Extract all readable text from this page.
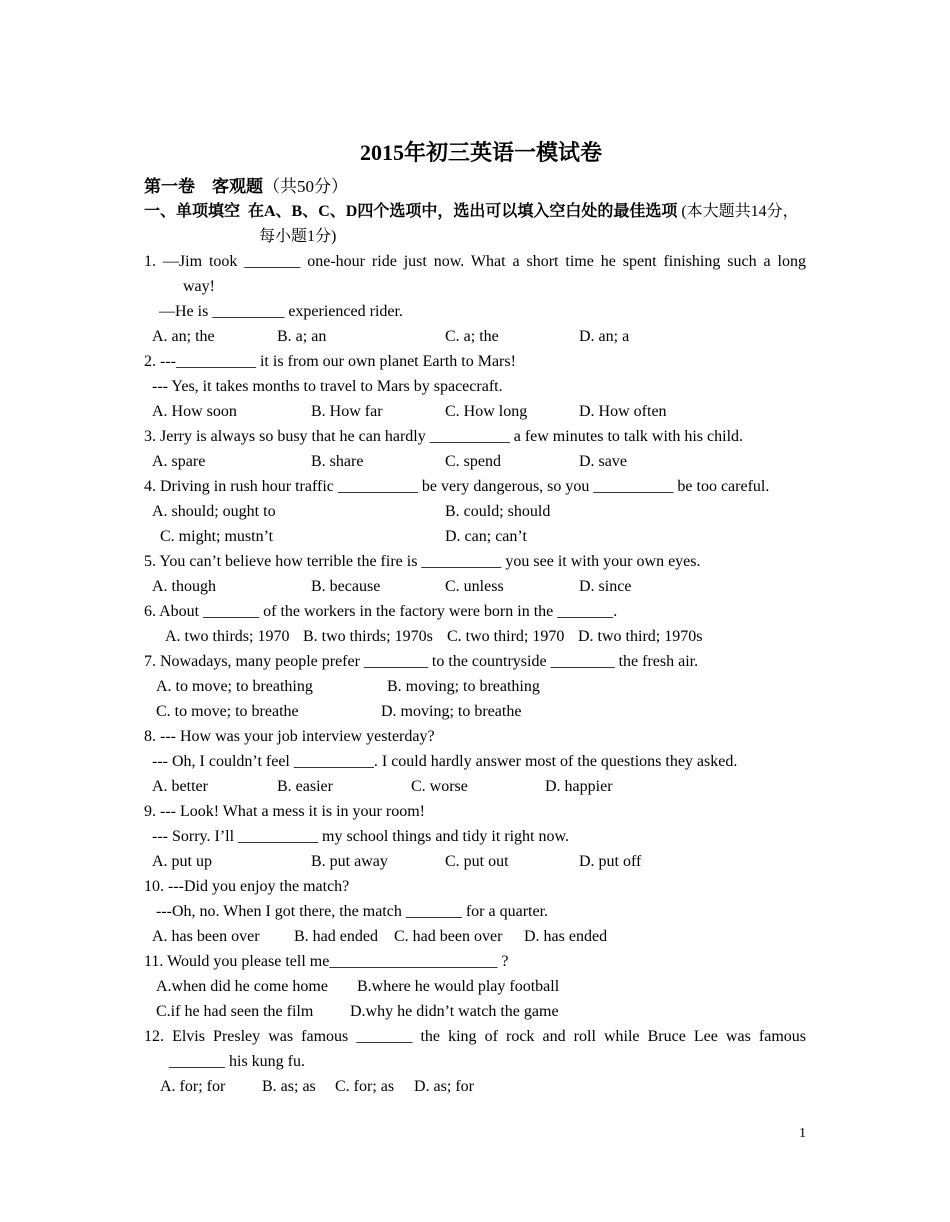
2015年初三英语一模试卷
第一卷　客观题（共50分）
一、单项填空  在A、B、C、D四个选项中，选出可以填入空白处的最佳选项 (本大题共14分，
每小题1分)
1. —Jim took _______ one-hour ride just now. What a short time he spent finishing such a long
way!
—He is _________ experienced rider.
A. an; the	B. a; an	C. a; the	D. an; a
2. ---__________ it is from our own planet Earth to Mars!
--- Yes, it takes months to travel to Mars by spacecraft.
A. How soon	B. How far	C. How long	D. How often
3. Jerry is always so busy that he can hardly __________ a few minutes to talk with his child.
A. spare	B. share	C. spend	D. save
4. Driving in rush hour traffic __________ be very dangerous, so you __________ be too careful.
A. should; ought to	B. could; should
C. might; mustn’t	D. can; can’t
5. You can’t believe how terrible the fire is __________ you see it with your own eyes.
A. though	B. because	C. unless	D. since
6. About _______ of the workers in the factory were born in the _______.
A. two thirds; 1970 B. two thirds; 1970s C. two third; 1970 D. two third; 1970s
7. Nowadays, many people prefer ________ to the countryside ________ the fresh air.
A. to move; to breathing	B. moving; to breathing
C. to move; to breathe	D. moving; to breathe
8. --- How was your job interview yesterday?
--- Oh, I couldn’t feel __________. I could hardly answer most of the questions they asked.
A. better	B. easier	C. worse	D. happier
9. --- Look! What a mess it is in your room!
--- Sorry. I’ll __________ my school things and tidy it right now.
A. put up	B. put away	C. put out	D. put off
10. ---Did you enjoy the match?
---Oh, no. When I got there, the match _______ for a quarter.
A. has been over B. had ended C. had been over D. has ended
11. Would you please tell me_____________________ ?
A.when did he come home B.where he would play football
C.if he had seen the film D.why he didn’t watch the game
12. Elvis Presley was famous _______ the king of rock and roll while Bruce Lee was famous
_______ his kung fu.
A. for; for B. as; as C. for; as D. as; for
1
